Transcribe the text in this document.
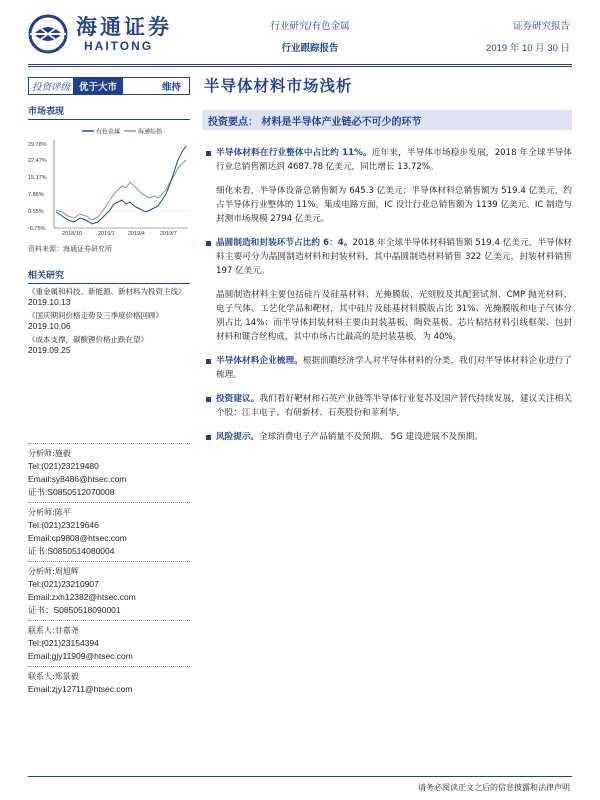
海通证券
HAITONG
行业研究/有色金属
行业跟踪报告
证券研究报告
2019 年 10 月 30 日
投资评级 优于大市	维持	半导体材料市场浅析
市场表现
有色金属	海通综指
29.78%
22.47%
15.17%
7.86%
0.55%
-6.75%
2018/10	2019/1 2019/4	2019/7
资料来源：海通证券研究所
相关研究
《重金属和科技、新能源、新材料为投资主线》
2019.10.13
《国庆期间价格走势及三季度价格回顾》
2019.10.06
《成本支撑，碳酸锂价格止跌在望》
2019.09.25
分析师:施毅
Tel:(021)23219480
Email:sy8486@htsec.com
证书:S0850512070008
分析师:陈平
Tel:(021)23219646
Email:cp9808@htsec.com
证书:S0850514080004
分析师:周旭辉
Tel:(021)23210907
Email:zxh12382@htsec.com
证书：S0850518090001
联系人:甘嘉尧
Tel:(021)23154394
Email:gjy11909@htsec.com
联系人:郑景毅
Email:zjy12711@htsec.com
投资要点： 材料是半导体产业链必不可少的环节

半导体材料在行业整体中占比约 11%。近年来，半导体市场稳步发展，2018 年全球半导体行业总销售额达到 4687.78 亿美元，同比增长 13.72%。

细化来看，半导体设备总销售额为 645.3 亿美元；半导体材料总销售额为 519.4 亿美元，约占半导体行业整体的 11%。集成电路方面，IC 设计行业总销售额为 1139 亿美元、IC 制造与封测市场规模 2794 亿美元。

晶圆制造和封装环节占比约 6：4。2018 年全球半导体材料销售额 519.4 亿美元，半导体材料主要可分为晶圆制造材料和封装材料，其中晶圆制造材料销售 322 亿美元，封装材料销售 197 亿美元。

晶圆制造材料主要包括硅片及硅基材料、光掩膜版、光刻胶及其配套试剂、CMP 抛光材料、电子气体、工艺化学品和靶材，其中硅片及硅基材料膜版占比 31%、光掩膜版和电子气体分别占比 14%；而半导体封装材料主要由封装基板、陶瓷基板、芯片粘结材料引线框架、包封材料和键合丝构成，其中市场占比最高的是封装基板，为 40%。

半导体材料企业梳理。根据前瞻经济学人对半导体材料的分类，我们对半导体材料企业进行了梳理。

投资建议。我们看好靶材和石英产业链等半导体行业复苏及国产替代持续发展，建议关注相关个股：江丰电子、有研新材、石英股份和菲利华。

风险提示。全球消费电子产品销量不及预期、 5G 建设进展不及预期。

请务必阅读正文之后的信息披露和法律声明
